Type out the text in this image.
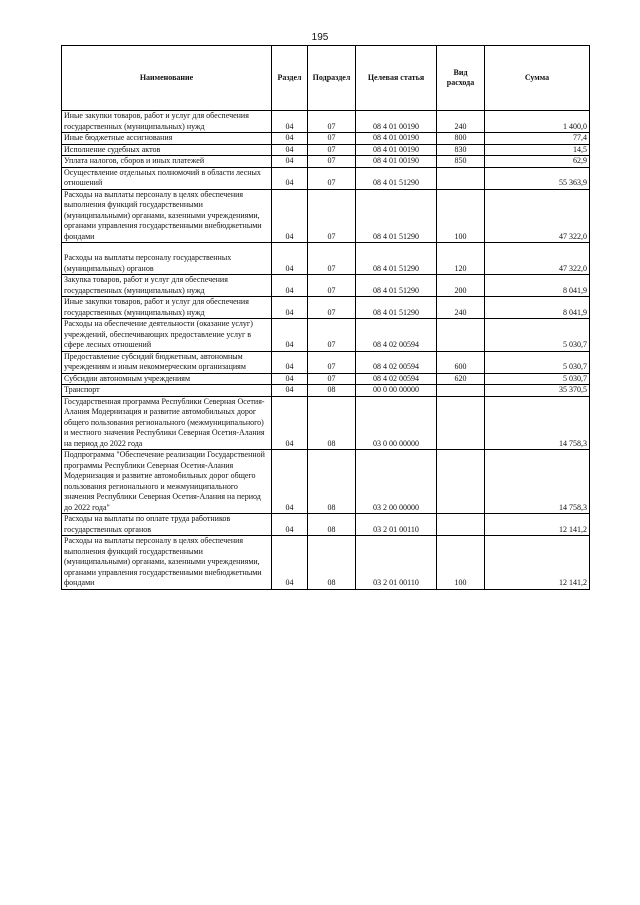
195
Наименование	Раздел	Подраздел	Целевая статья	Вид расхода	Сумма
Иные закупки товаров, работ и услуг для обеспечения государственных (муниципальных) нужд	04	07	08 4 01 00190	240	1 400,0
Иные бюджетные ассигнования	04	07	08 4 01 00190	800	77,4
Исполнение судебных актов	04	07	08 4 01 00190	830	14,5
Уплата налогов, сборов и иных платежей	04	07	08 4 01 00190	850	62,9
Осуществление отдельных полномочий в области лесных отношений	04	07	08 4 01 51290		55 363,9
Расходы на выплаты персоналу в целях обеспечения выполнения функций государственными (муниципальными) органами, казенными учреждениями, органами управления государственными внебюджетными фондами	04	07	08 4 01 51290	100	47 322,0
Расходы на выплаты персоналу государственных (муниципальных) органов	04	07	08 4 01 51290	120	47 322,0
Закупка товаров, работ и услуг для обеспечения государственных (муниципальных) нужд	04	07	08 4 01 51290	200	8 041,9
Иные закупки товаров, работ и услуг для обеспечения государственных (муниципальных) нужд	04	07	08 4 01 51290	240	8 041,9
Расходы на обеспечение деятельности (оказание услуг) учреждений, обеспечивающих предоставление услуг в сфере лесных отношений	04	07	08 4 02 00594		5 030,7
Предоставление субсидий бюджетным, автономным учреждениям и иным некоммерческим организациям	04	07	08 4 02 00594	600	5 030,7
Субсидии автономным учреждениям	04	07	08 4 02 00594	620	5 030,7
Транспорт	04	08	00 0 00 00000		35 370,5
Государственная программа Республики Северная Осетия-Алания Модернизация и развитие автомобильных дорог общего пользования регионального (межмуниципального) и местного значения Республики Северная Осетия-Алания на период до 2022 года	04	08	03 0 00 00000		14 758,3
Подпрограмма "Обеспечение реализации Государственной программы Республики Северная Осетия-Алания Модернизация и развитие автомобильных дорог общего пользования регионального и межмуниципального значения Республики Северная Осетия-Алания на период до 2022 года"	04	08	03 2 00 00000		14 758,3
Расходы на выплаты по оплате труда работников государственных органов	04	08	03 2 01 00110		12 141,2
Расходы на выплаты персоналу в целях обеспечения выполнения функций государственными (муниципальными) органами, казенными учреждениями, органами управления государственными внебюджетными фондами	04	08	03 2 01 00110	100	12 141,2
